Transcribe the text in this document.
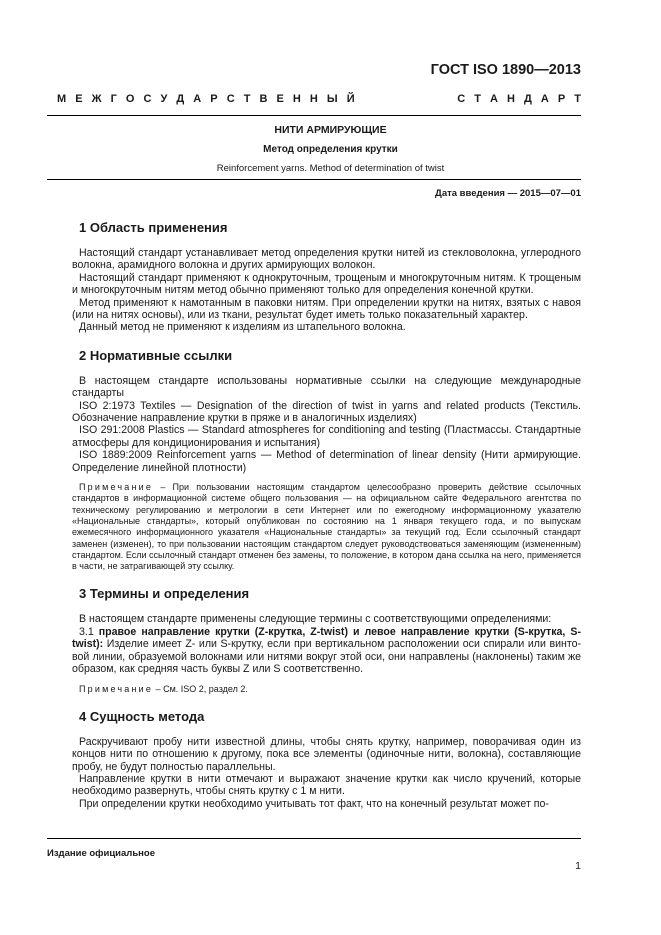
ГОСТ ISO 1890—2013
М Е Ж Г О С У Д А Р С Т В Е Н Н Ы Й	С Т А Н Д А Р Т
НИТИ АРМИРУЮЩИЕ
Метод определения крутки
Reinforcement yarns. Method of determination of twist
Дата введения — 2015—07—01
1 Область применения

Настоящий стандарт устанавливает метод определения крутки нитей из стекловолокна, углеродного волокна, арамидного волокна и других армирующих волокон.

Настоящий стандарт применяют к однокруточным, трощеным и многокруточным нитям. К трощеным и многокруточным нитям метод обычно применяют только для определения конечной крутки.

Метод применяют к намотанным в паковки нитям. При определении крутки на нитях, взятых с навоя (или на нитях основы), или из ткани, результат будет иметь только показательный характер.

Данный метод не применяют к изделиям из штапельного волокна.

2 Нормативные ссылки

В настоящем стандарте использованы нормативные ссылки на следующие международные стандарты

ISO 2:1973 Textiles — Designation of the direction of twist in yarns and related products (Текстиль. Обозначение направление крутки в пряже и в аналогичных изделиях)

ISO 291:2008 Plastics — Standard atmospheres for conditioning and testing (Пластмассы. Стандартные атмосферы для кондиционирования и испытания)

ISO 1889:2009 Reinforcement yarns — Method of determination of linear density (Нити армирующие. Определение линейной плотности)

Примечание – При пользовании настоящим стандартом целесообразно проверить действие ссылочных стандартов в информационной системе общего пользования — на официальном сайте Федерального агентства по техническому регулированию и метрологии в сети Интернет или по ежегодному информационному указателю «Национальные стандарты», который опубликован по состоянию на 1 января текущего года, и по выпускам ежемесячного информационного указателя «Национальные стандарты» за текущий год. Если ссылочный стандарт заменен (изменен), то при пользовании настоящим стандартом следует руководствоваться заменяющим (измененным) стандартом. Если ссылочный стандарт отменен без замены, то положение, в котором дана ссылка на него, применяется в части, не затрагивающей эту ссылку.
3 Термины и определения

В настоящем стандарте применены следующие термины с соответствующими определениями:

3.1 правое направление крутки (Z-крутка, Z-twist) и левое направление крутки (S-крутка, S-twist): Изделие имеет Z- или S-крутку, если при вертикальном расположении оси спирали или винтовой линии, образуемой волокнами или нитями вокруг этой оси, они направлены (наклонены) таким же образом, как средняя часть буквы Z или S соответственно.

Примечание – См. ISO 2, раздел 2.
4 Сущность метода

Раскручивают пробу нити известной длины, чтобы снять крутку, например, поворачивая один из концов нити по отношению к другому, пока все элементы (одиночные нити, волокна), составляющие пробу, не будут полностью параллельны.

Направление крутки в нити отмечают и выражают значение крутки как число кручений, которые необходимо развернуть, чтобы снять крутку с 1 м нити.

При определении крутки необходимо учитывать тот факт, что на конечный результат может по-

Издание официальное
1
